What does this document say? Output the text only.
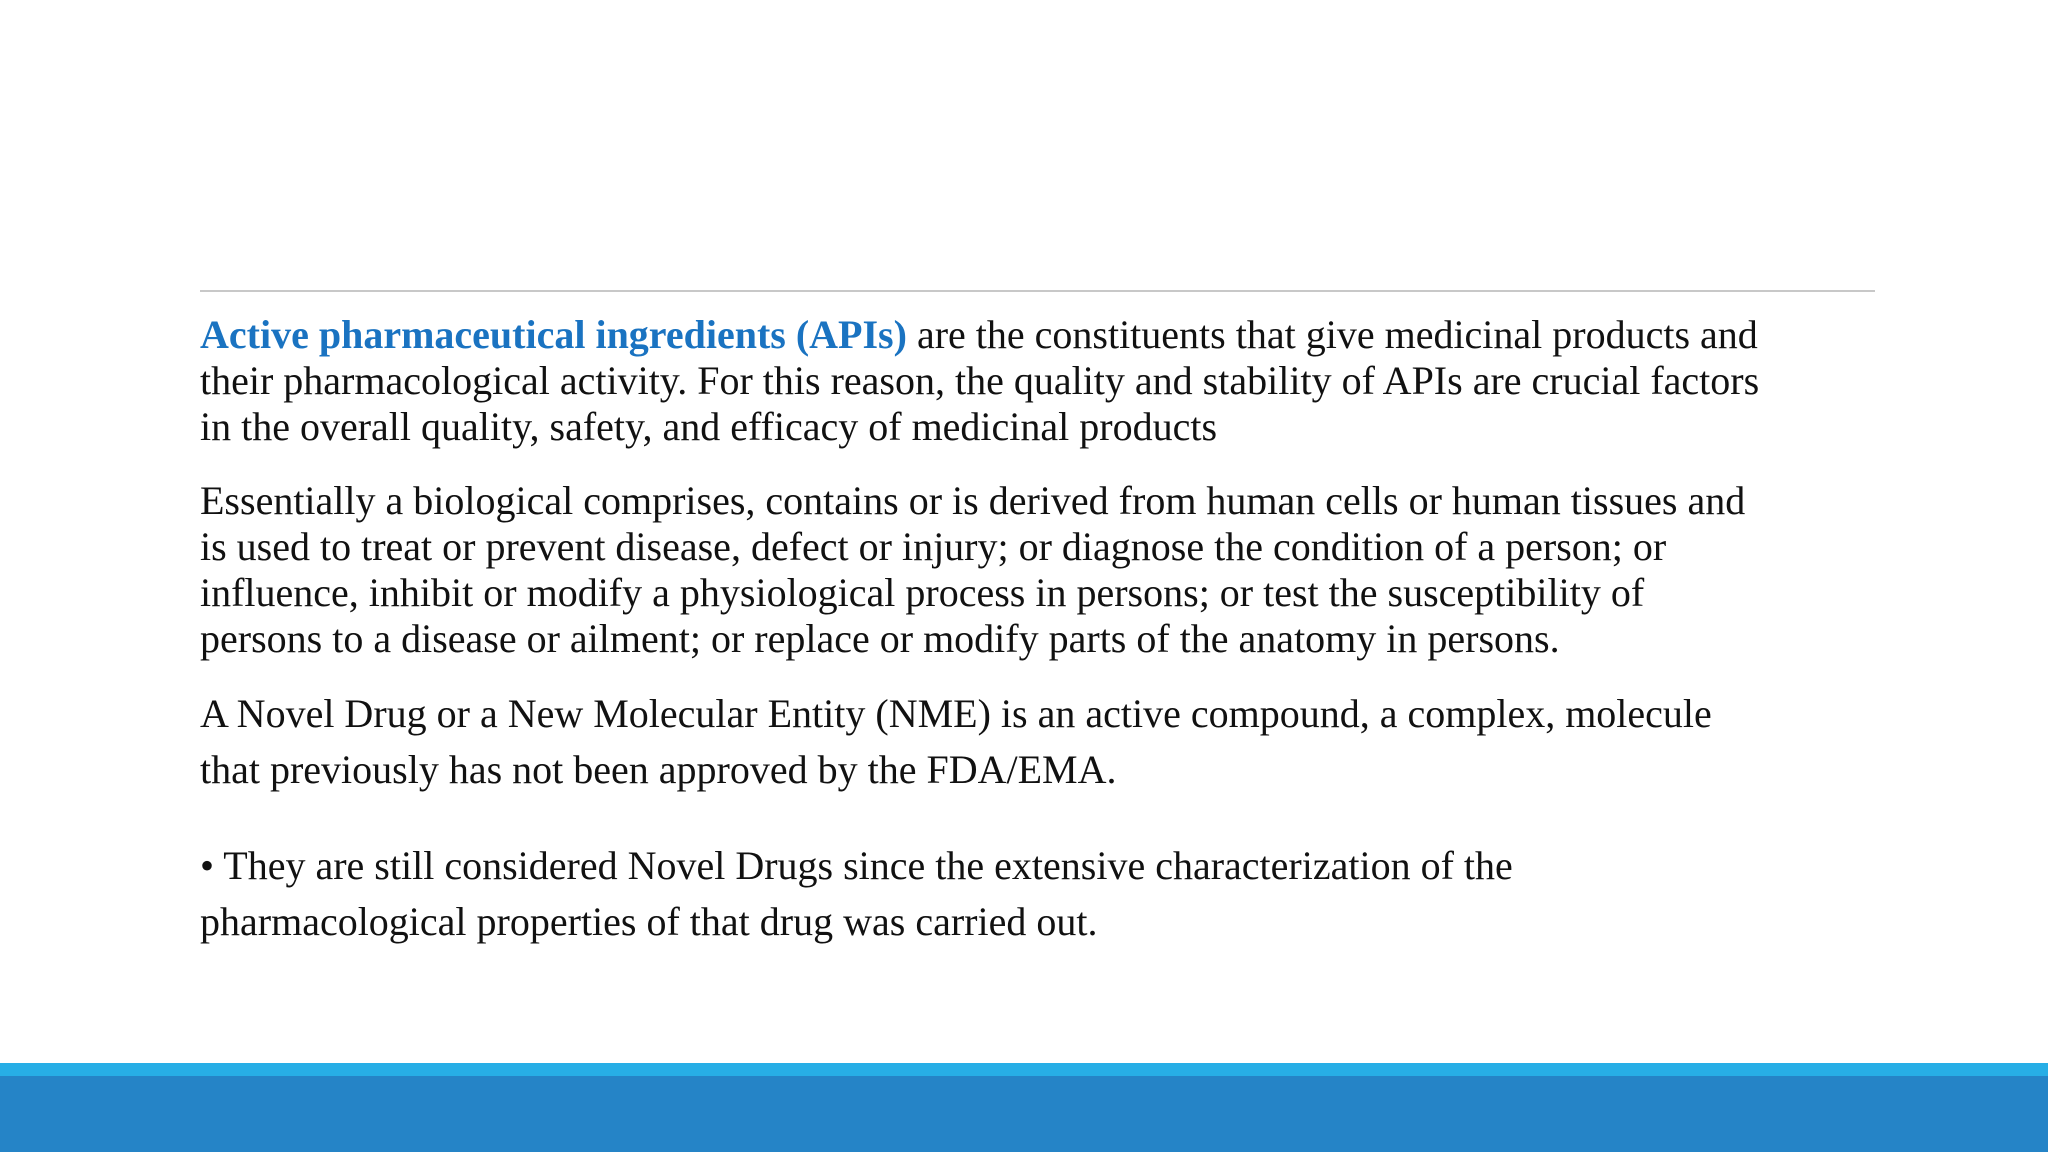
Active pharmaceutical ingredients (APIs) are the constituents that give medicinal products and
their pharmacological activity. For this reason, the quality and stability of APIs are crucial factors
in the overall quality, safety, and efficacy of medicinal products

Essentially a biological comprises, contains or is derived from human cells or human tissues and
is used to treat or prevent disease, defect or injury; or diagnose the condition of a person; or
influence, inhibit or modify a physiological process in persons; or test the susceptibility of
persons to a disease or ailment; or replace or modify parts of the anatomy in persons.

A Novel Drug or a New Molecular Entity (NME) is an active compound, a complex, molecule
that previously has not been approved by the FDA/EMA.

• They are still considered Novel Drugs since the extensive characterization of the
pharmacological properties of that drug was carried out.
